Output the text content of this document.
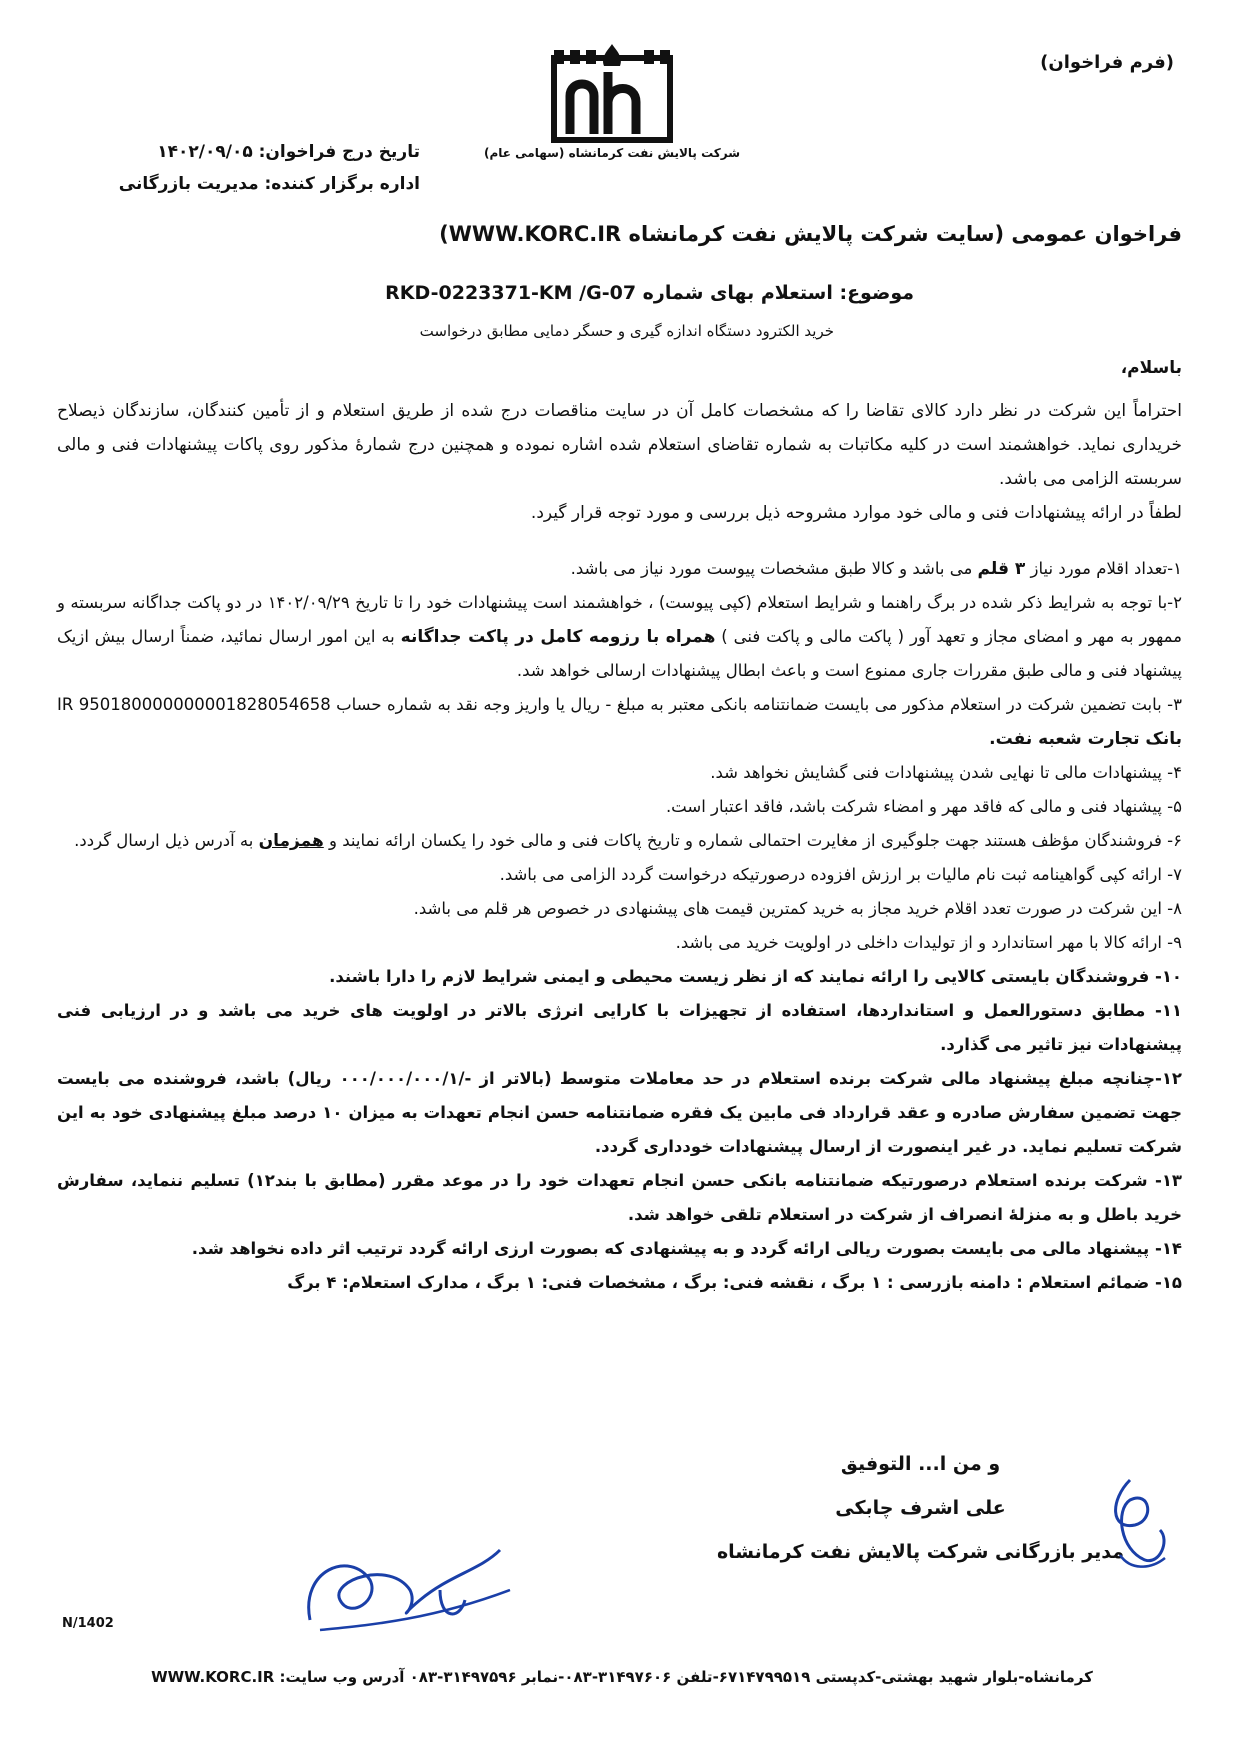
(فرم فراخوان)
شرکت پالایش نفت کرمانشاه (سهامی عام)
تاریخ درج فراخوان: ۱۴۰۲/۰۹/۰۵
اداره برگزار کننده: مدیریت بازرگانی
فراخوان عمومی (سایت شرکت پالایش نفت کرمانشاه WWW.KORC.IR)
موضوع: استعلام بهای شماره RKD-0223371-KM /G-07
خرید الکترود دستگاه اندازه گیری و حسگر دمایی مطابق درخواست
باسلام،

احتراماً این شرکت در نظر دارد کالای تقاضا را که مشخصات کامل آن در سایت مناقصات درج شده از طریق استعلام و از تأمین کنندگان، سازندگان ذیصلاح خریداری نماید. خواهشمند است در کلیه مکاتبات به شماره تقاضای استعلام شده اشاره نموده و همچنین درج شمارهٔ مذکور روی پاکات پیشنهادات فنی و مالی سربسته الزامی می باشد.

لطفاً در ارائه پیشنهادات فنی و مالی خود موارد مشروحه ذیل بررسی و مورد توجه قرار گیرد.

۱-تعداد اقلام مورد نیاز ۳ قلم می باشد و کالا طبق مشخصات پیوست مورد نیاز می باشد.

۲-با توجه به شرایط ذکر شده در برگ راهنما و شرایط استعلام (کپی پیوست) ، خواهشمند است پیشنهادات خود را تا تاریخ ۱۴۰۲/۰۹/۲۹ در دو پاکت جداگانه سربسته و ممهور به مهر و امضای مجاز و تعهد آور ( پاکت مالی و پاکت فنی ) همراه با رزومه کامل در پاکت جداگانه به این امور ارسال نمائید، ضمناً ارسال بیش ازیک پیشنهاد فنی و مالی طبق مقررات جاری ممنوع است و باعث ابطال پیشنهادات ارسالی خواهد شد.

۳- بابت تضمین شرکت در استعلام مذکور می بایست ضمانتنامه بانکی معتبر به مبلغ - ریال یا واریز وجه نقد به شماره حساب IR 950180000000001828054658 بانک تجارت شعبه نفت.

۴- پیشنهادات مالی تا نهایی شدن پیشنهادات فنی گشایش نخواهد شد.

۵- پیشنهاد فنی و مالی که فاقد مهر و امضاء شرکت باشد، فاقد اعتبار است.

۶- فروشندگان مؤظف هستند جهت جلوگیری از مغایرت احتمالی شماره و تاریخ پاکات فنی و مالی خود را یکسان ارائه نمایند و همزمان به آدرس ذیل ارسال گردد.

۷- ارائه کپی گواهینامه ثبت نام مالیات بر ارزش افزوده درصورتیکه درخواست گردد الزامی می باشد.

۸- این شرکت در صورت تعدد اقلام خرید مجاز به خرید کمترین قیمت های پیشنهادی در خصوص هر قلم می باشد.

۹- ارائه کالا با مهر استاندارد و از تولیدات داخلی در اولویت خرید می باشد.

۱۰- فروشندگان بایستی کالایی را ارائه نمایند که از نظر زیست محیطی و ایمنی شرایط لازم را دارا باشند.

۱۱- مطابق دستورالعمل و استانداردها، استفاده از تجهیزات با کارایی انرژی بالاتر در اولویت های خرید می باشد و در ارزیابی فنی پیشنهادات نیز تاثیر می گذارد.

۱۲-چنانچه مبلغ پیشنهاد مالی شرکت برنده استعلام در حد معاملات متوسط (بالاتر از -/۰۰۰/۰۰۰/۰۰۰/۱ ریال) باشد، فروشنده می بایست جهت تضمین سفارش صادره و عقد قرارداد فی مابین یک فقره ضمانتنامه حسن انجام تعهدات به میزان ۱۰ درصد مبلغ پیشنهادی خود به این شرکت تسلیم نماید. در غیر اینصورت از ارسال پیشنهادات خودداری گردد.

۱۳- شرکت برنده استعلام درصورتیکه ضمانتنامه بانکی حسن انجام تعهدات خود را در موعد مقرر (مطابق با بند۱۲) تسلیم ننماید، سفارش خرید باطل و به منزلهٔ انصراف از شرکت در استعلام تلقی خواهد شد.

۱۴- پیشنهاد مالی می بایست بصورت ریالی ارائه گردد و به پیشنهادی که بصورت ارزی ارائه گردد ترتیب اثر داده نخواهد شد.

۱۵- ضمائم استعلام : دامنه بازرسی : ۱ برگ ، نقشه فنی: برگ ، مشخصات فنی: ۱ برگ ، مدارک استعلام: ۴ برگ

و من ا... التوفیق
علی اشرف چابکی
مدیر بازرگانی شرکت پالایش نفت کرمانشاه
N/1402
کرمانشاه-بلوار شهید بهشتی-کدپستی ۶۷۱۴۷۹۹۵۱۹-تلفن ۳۱۴۹۷۶۰۶-۰۸۳-نمابر ۳۱۴۹۷۵۹۶-۰۸۳ آدرس وب سایت: WWW.KORC.IR
